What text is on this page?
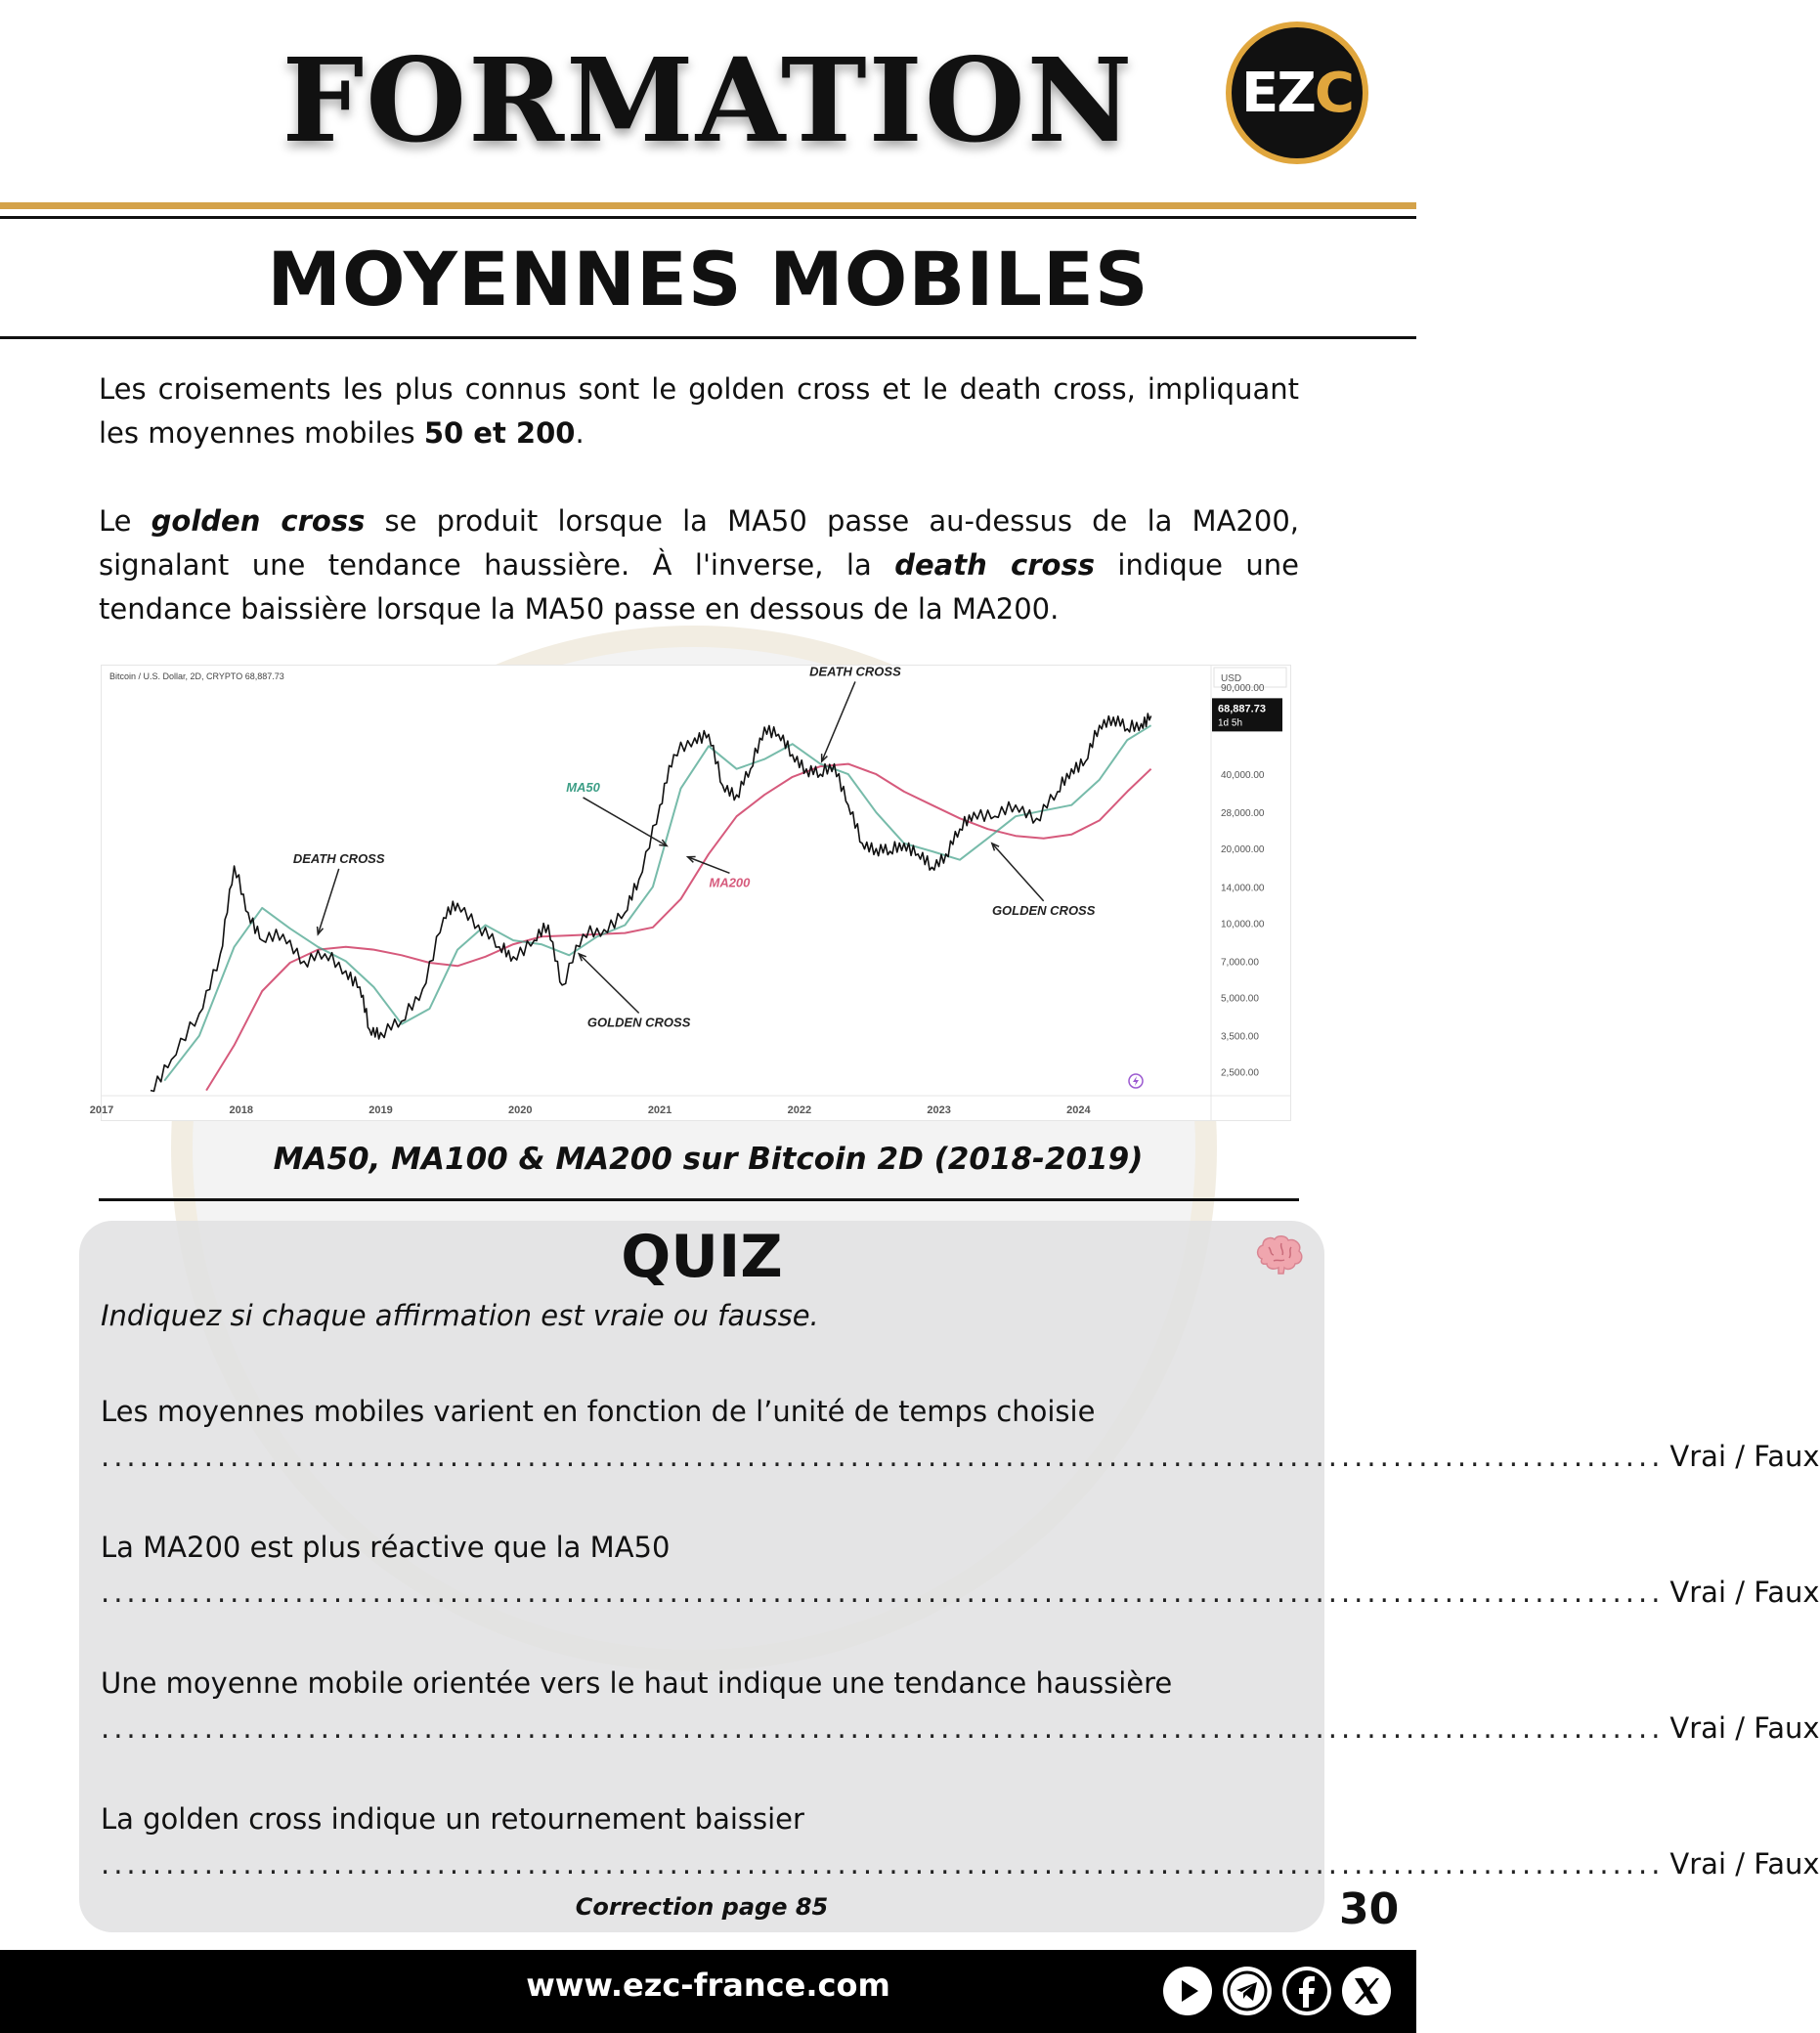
FORMATION	EZ C
MOYENNES MOBILES
Les croisements les plus connus sont le golden cross et le death cross, impliquant les moyennes mobiles 50 et 200.
Le golden cross se produit lorsque la MA50 passe au-dessus de la MA200, signalant une tendance haussière. À l'inverse, la death cross indique une tendance baissière lorsque la MA50 passe en dessous de la MA200.
Bitcoin / U.S. Dollar, 2D, CRYPTO 68,887.73	USD
90,000.00
40,000.00
28,000.00
20,000.00
14,000.00
10,000.00
7,000.00
5,000.00
3,500.00
2,500.00
2017	2018	2019	2020	2021	2022	2023	2024
DEATH CROSS
DEATH CROSS
GOLDEN CROSS
GOLDEN CROSS
MA50
MA200
68,887.73
1d 5h
MA50, MA100 & MA200 sur Bitcoin 2D (2018-2019)
QUIZ
Indiquez si chaque affirmation est vraie ou fausse.
Les moyennes mobiles varient en fonction de l’unité de temps choisie
......................................................................................................................... Vrai / Faux
La MA200 est plus réactive que la MA50
......................................................................................................................... Vrai / Faux
Une moyenne mobile orientée vers le haut indique une tendance haussière
......................................................................................................................... Vrai / Faux
La golden cross indique un retournement baissier
......................................................................................................................... Vrai / Faux
Correction page 85	30
www.ezc-france.com
